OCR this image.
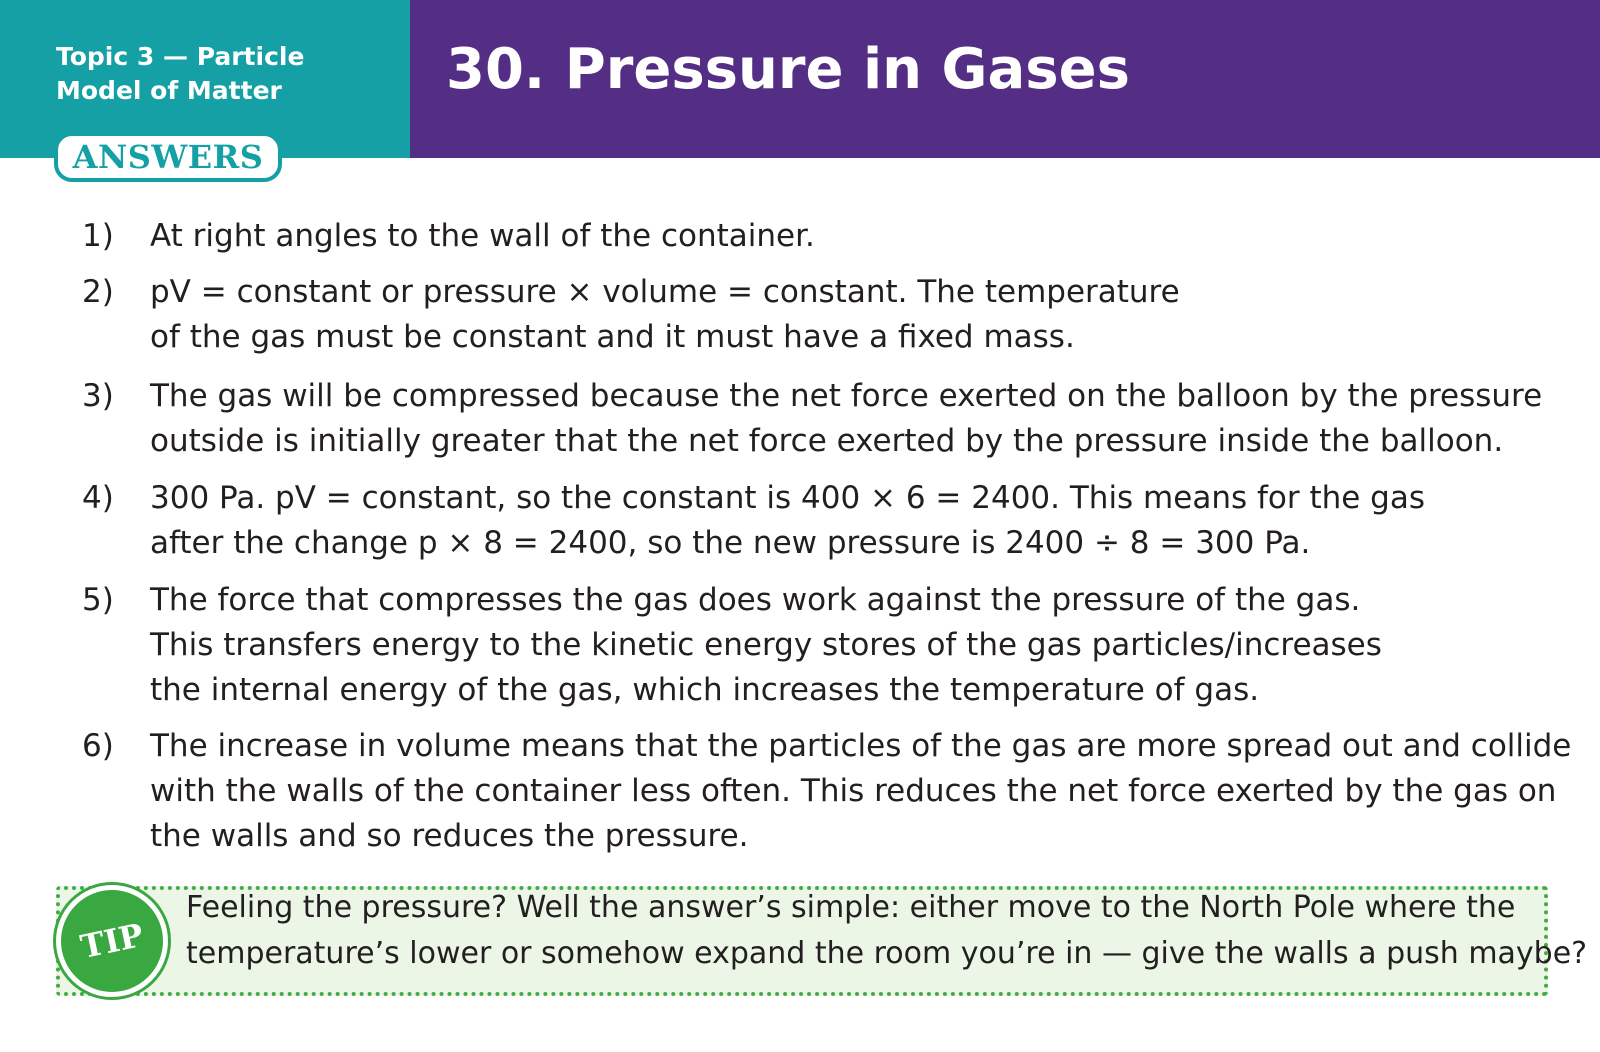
Topic 3 — Particle
Model of Matter	30. Pressure in Gases
ANSWERS
1) At right angles to the wall of the container.
2) pV = constant or pressure × volume = constant. The temperature
of the gas must be constant and it must have a fixed mass.
3) The gas will be compressed because the net force exerted on the balloon by the pressure
outside is initially greater that the net force exerted by the pressure inside the balloon.
4) 300 Pa. pV = constant, so the constant is 400 × 6 = 2400. This means for the gas
after the change p × 8 = 2400, so the new pressure is 2400 ÷ 8 = 300 Pa.
5) The force that compresses the gas does work against the pressure of the gas.
This transfers energy to the kinetic energy stores of the gas particles/increases
the internal energy of the gas, which increases the temperature of gas.
6) The increase in volume means that the particles of the gas are more spread out and collide
with the walls of the container less often. This reduces the net force exerted by the gas on
the walls and so reduces the pressure.
Feeling the pressure? Well the answer’s simple: either move to the North Pole where the
temperature’s lower or somehow expand the room you’re in — give the walls a push maybe?
TIP
